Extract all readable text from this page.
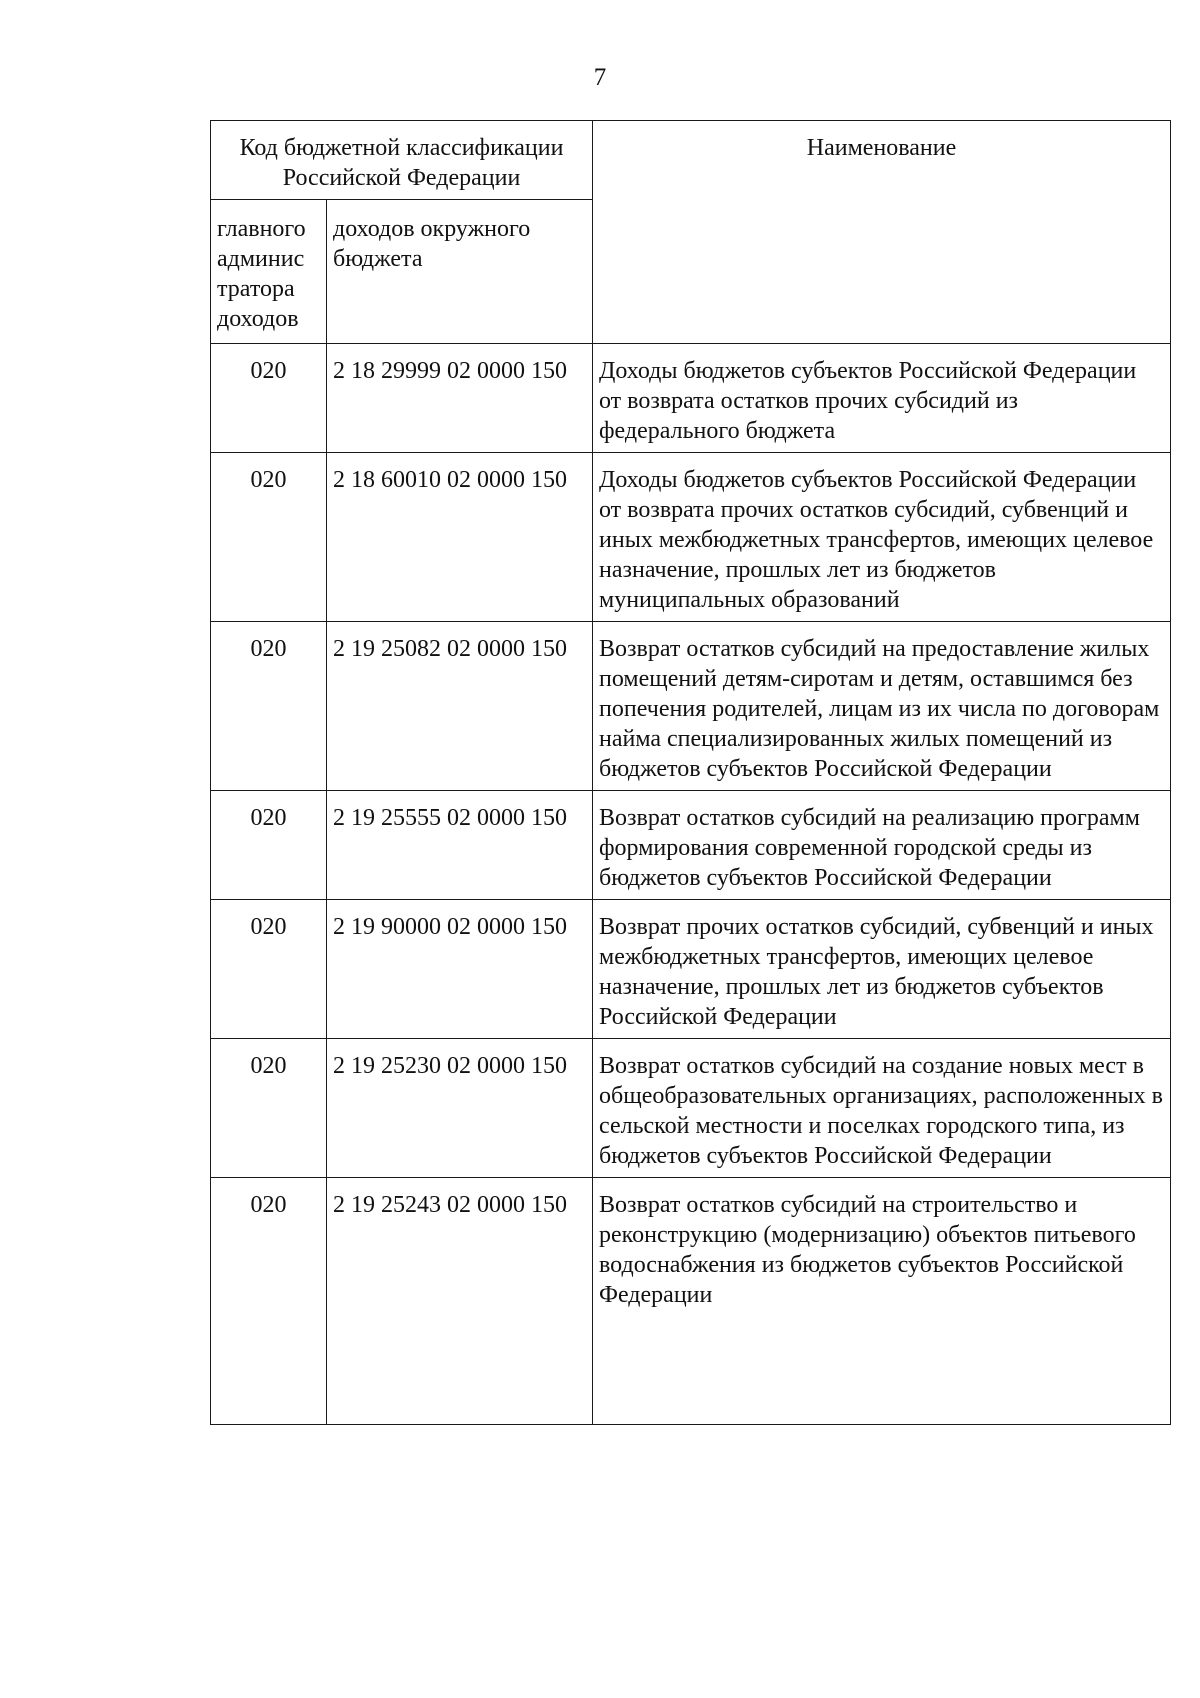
7
Код бюджетной классификации Российской Федерации		Наименование
главного админис тратора доходов	доходов окружного бюджета	
020	2 18 29999 02 0000 150	Доходы бюджетов субъектов Российской Федерации от возврата остатков прочих субсидий из федерального бюджета
020	2 18 60010 02 0000 150	Доходы бюджетов субъектов Российской Федерации от возврата прочих остатков субсидий, субвенций и иных межбюджетных трансфертов, имеющих целевое назначение, прошлых лет из бюджетов муниципальных образований
020	2 19 25082 02 0000 150	Возврат остатков субсидий на предоставление жилых помещений детям-сиротам и детям, оставшимся без попечения родителей, лицам из их числа по договорам найма специализированных жилых помещений из бюджетов субъектов Российской Федерации
020	2 19 25555 02 0000 150	Возврат остатков субсидий на реализацию программ формирования современной городской среды из бюджетов субъектов Российской Федерации
020	2 19 90000 02 0000 150	Возврат прочих остатков субсидий, субвенций и иных межбюджетных трансфертов, имеющих целевое назначение, прошлых лет из бюджетов субъектов Российской Федерации
020	2 19 25230 02 0000 150	Возврат остатков субсидий на создание новых мест в общеобразовательных организациях, расположенных в сельской местности и поселках городского типа, из бюджетов субъектов Российской Федерации
020	2 19 25243 02 0000 150	Возврат остатков субсидий на строительство и реконструкцию (модернизацию) объектов питьевого водоснабжения из бюджетов субъектов Российской Федерации
